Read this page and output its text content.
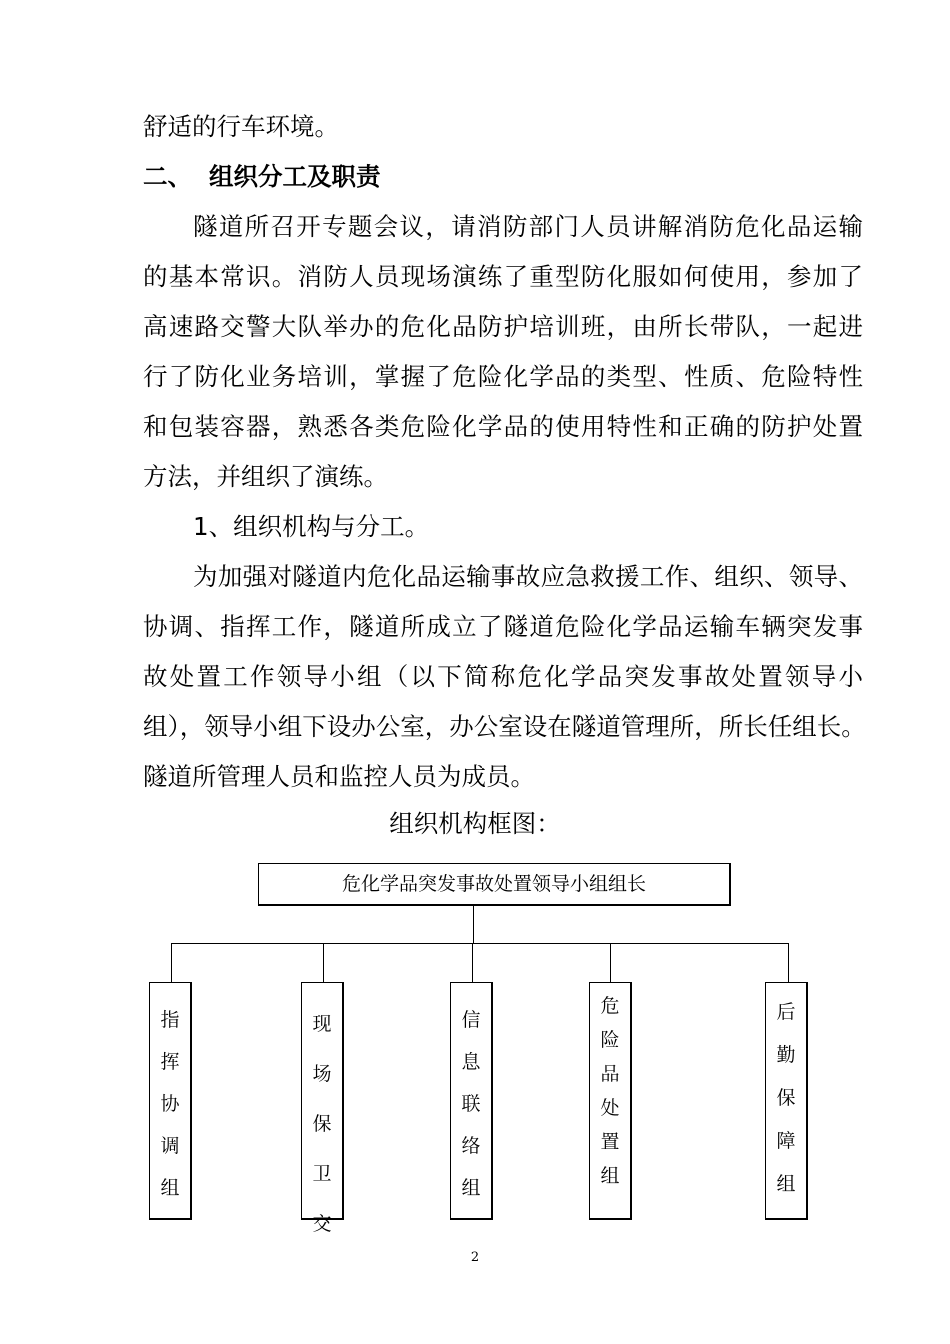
舒适的行车环境。
二、 组织分工及职责
隧道所召开专题会议，请消防部门人员讲解消防危化品运输
的基本常识。消防人员现场演练了重型防化服如何使用，参加了
高速路交警大队举办的危化品防护培训班，由所长带队，一起进
行了防化业务培训，掌握了危险化学品的类型、性质、危险特性
和包装容器，熟悉各类危险化学品的使用特性和正确的防护处置
方法，并组织了演练。
1、组织机构与分工。
为加强对隧道内危化品运输事故应急救援工作、组织、领导、
协调、指挥工作，隧道所成立了隧道危险化学品运输车辆突发事
故处置工作领导小组（以下简称危化学品突发事故处置领导小
组），领导小组下设办公室，办公室设在隧道管理所，所长任组长。
隧道所管理人员和监控人员为成员。
组织机构框图：
危化学品突发事故处置领导小组组长
指
挥
协
调
组
现
场
保
卫
交
信
息
联
络
组
危
险
品
处
置
组
后
勤
保
障
组
2
